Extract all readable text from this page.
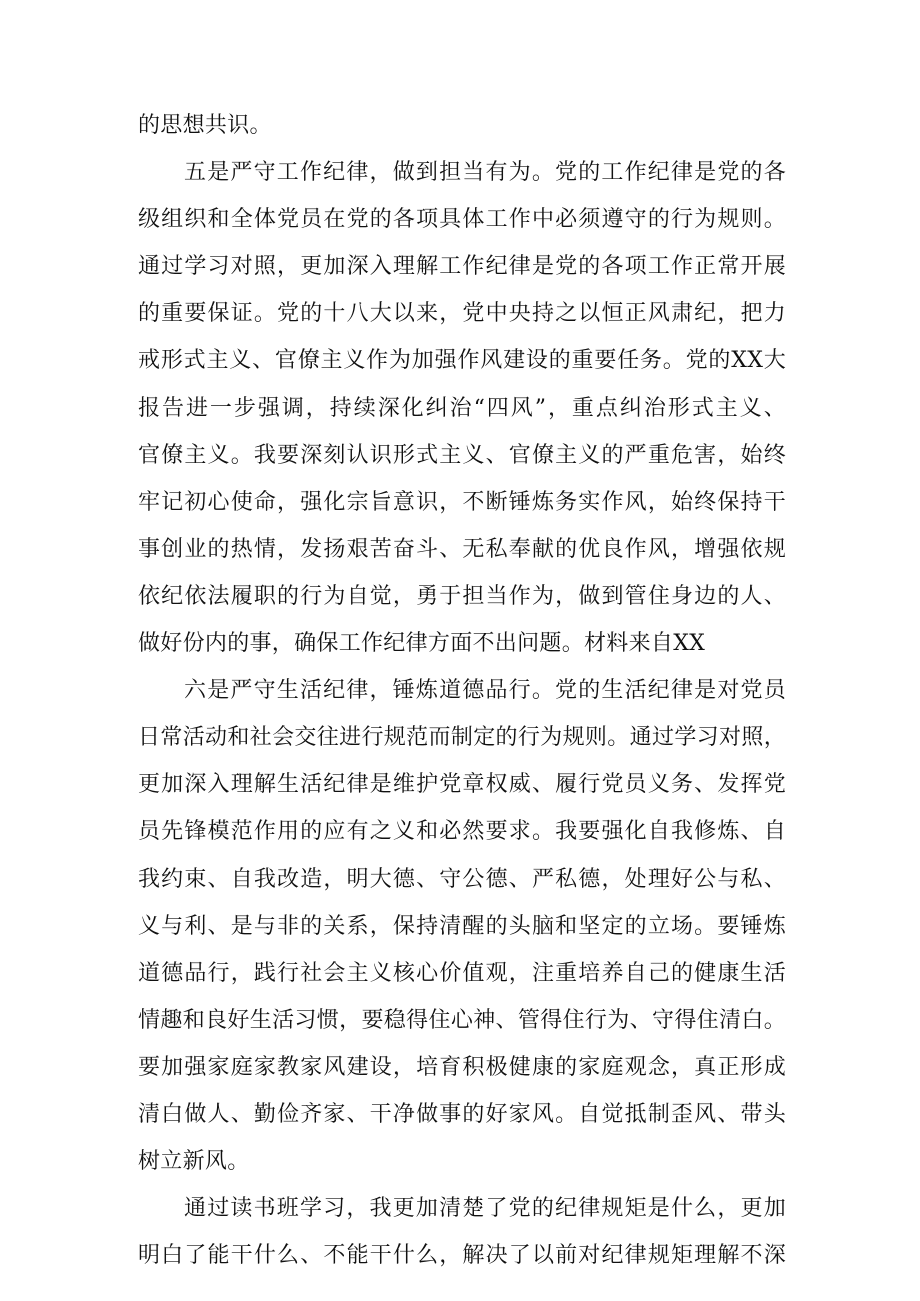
的思想共识。
五是严守工作纪律，做到担当有为。党的工作纪律是党的各
级组织和全体党员在党的各项具体工作中必须遵守的行为规则。
通过学习对照，更加深入理解工作纪律是党的各项工作正常开展
的重要保证。党的十八大以来，党中央持之以恒正风肃纪，把力
戒形式主义、官僚主义作为加强作风建设的重要任务。党的XX大
报告进一步强调，持续深化纠治“四风”，重点纠治形式主义、
官僚主义。我要深刻认识形式主义、官僚主义的严重危害，始终
牢记初心使命，强化宗旨意识，不断锤炼务实作风，始终保持干
事创业的热情，发扬艰苦奋斗、无私奉献的优良作风，增强依规
依纪依法履职的行为自觉，勇于担当作为，做到管住身边的人、
做好份内的事，确保工作纪律方面不出问题。材料来自XX
六是严守生活纪律，锤炼道德品行。党的生活纪律是对党员
日常活动和社会交往进行规范而制定的行为规则。通过学习对照，
更加深入理解生活纪律是维护党章权威、履行党员义务、发挥党
员先锋模范作用的应有之义和必然要求。我要强化自我修炼、自
我约束、自我改造，明大德、守公德、严私德，处理好公与私、
义与利、是与非的关系，保持清醒的头脑和坚定的立场。要锤炼
道德品行，践行社会主义核心价值观，注重培养自己的健康生活
情趣和良好生活习惯，要稳得住心神、管得住行为、守得住清白。
要加强家庭家教家风建设，培育积极健康的家庭观念，真正形成
清白做人、勤俭齐家、干净做事的好家风。自觉抵制歪风、带头
树立新风。
通过读书班学习，我更加清楚了党的纪律规矩是什么，更加
明白了能干什么、不能干什么，解决了以前对纪律规矩理解不深
